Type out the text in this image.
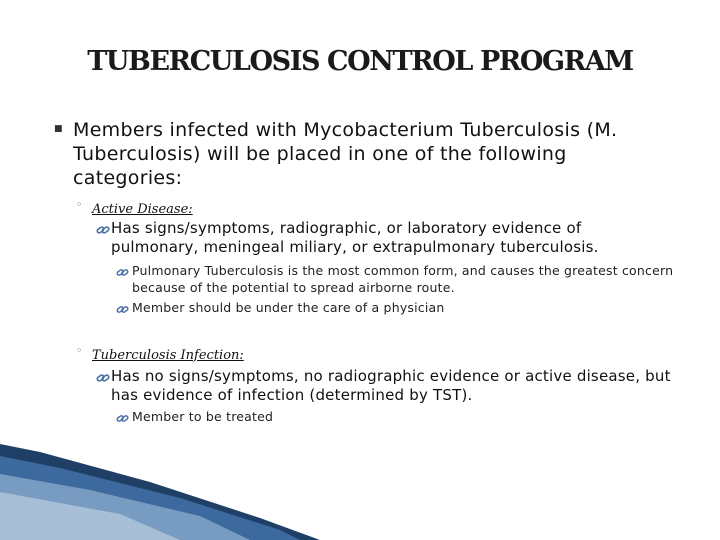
TUBERCULOSIS CONTROL PROGRAM
■ Members infected with Mycobacterium Tuberculosis (M. Tuberculosis) will be placed in one of the following categories:
◦ Active Disease:
Has signs/symptoms, radiographic, or laboratory evidence of pulmonary, meningeal miliary, or extrapulmonary tuberculosis.
Pulmonary Tuberculosis is the most common form, and causes the greatest concern because of the potential to spread airborne route.
Member should be under the care of a physician
◦ Tuberculosis Infection:
Has no signs/symptoms, no radiographic evidence or active disease, but has evidence of infection (determined by TST).
Member to be treated
